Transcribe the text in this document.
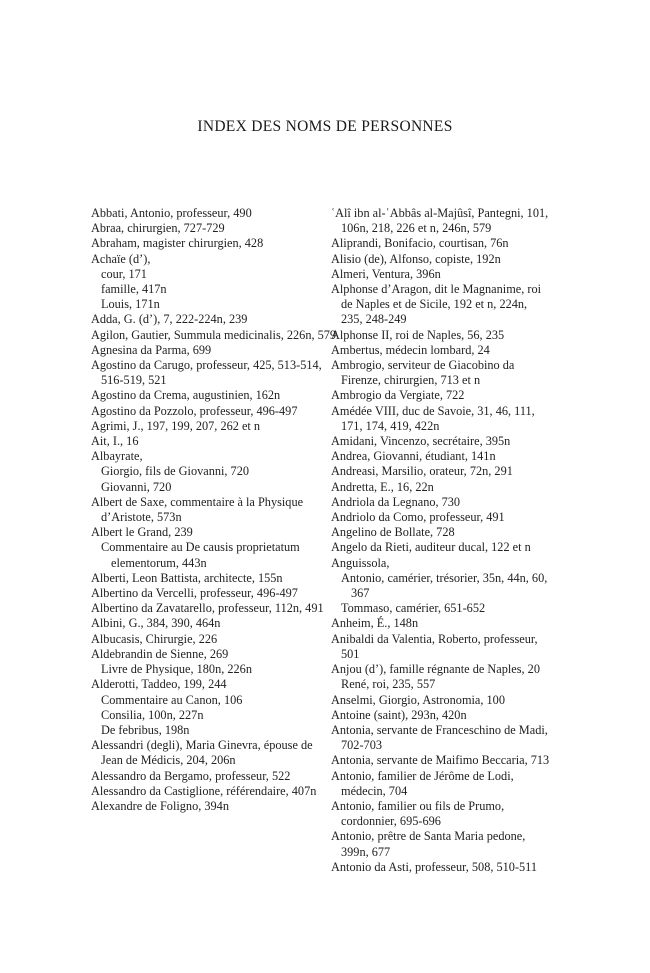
INDEX DES NOMS DE PERSONNES
Abbati, Antonio, professeur, 490
Abraa, chirurgien, 727-729
Abraham, magister chirurgien, 428
Achaïe (d’),
cour, 171
famille, 417n
Louis, 171n
Adda, G. (d’), 7, 222-224n, 239
Agilon, Gautier, Summula medicinalis, 226n, 579
Agnesina da Parma, 699
Agostino da Carugo, professeur, 425, 513-514, 516-519, 521
Agostino da Crema, augustinien, 162n
Agostino da Pozzolo, professeur, 496-497
Agrimi, J., 197, 199, 207, 262 et n
Ait, I., 16
Albayrate,
Giorgio, fils de Giovanni, 720
Giovanni, 720
Albert de Saxe, commentaire à la Physique d’Aristote, 573n
Albert le Grand, 239
Commentaire au De causis proprietatum elementorum, 443n
Alberti, Leon Battista, architecte, 155n
Albertino da Vercelli, professeur, 496-497
Albertino da Zavatarello, professeur, 112n, 491
Albini, G., 384, 390, 464n
Albucasis, Chirurgie, 226
Aldebrandin de Sienne, 269
Livre de Physique, 180n, 226n
Alderotti, Taddeo, 199, 244
Commentaire au Canon, 106
Consilia, 100n, 227n
De febribus, 198n
Alessandri (degli), Maria Ginevra, épouse de Jean de Médicis, 204, 206n
Alessandro da Bergamo, professeur, 522
Alessandro da Castiglione, référendaire, 407n
Alexandre de Foligno, 394n
ʿAlî ibn al-ʿAbbâs al-Majûsî, Pantegni, 101, 106n, 218, 226 et n, 246n, 579
Aliprandi, Bonifacio, courtisan, 76n
Alisio (de), Alfonso, copiste, 192n
Almeri, Ventura, 396n
Alphonse d’Aragon, dit le Magnanime, roi de Naples et de Sicile, 192 et n, 224n, 235, 248-249
Alphonse II, roi de Naples, 56, 235
Ambertus, médecin lombard, 24
Ambrogio, serviteur de Giacobino da Firenze, chirurgien, 713 et n
Ambrogio da Vergiate, 722
Amédée VIII, duc de Savoie, 31, 46, 111, 171, 174, 419, 422n
Amidani, Vincenzo, secrétaire, 395n
Andrea, Giovanni, étudiant, 141n
Andreasi, Marsilio, orateur, 72n, 291
Andretta, E., 16, 22n
Andriola da Legnano, 730
Andriolo da Como, professeur, 491
Angelino de Bollate, 728
Angelo da Rieti, auditeur ducal, 122 et n
Anguissola,
Antonio, camérier, trésorier, 35n, 44n, 60, 367
Tommaso, camérier, 651-652
Anheim, É., 148n
Anibaldi da Valentia, Roberto, professeur, 501
Anjou (d’), famille régnante de Naples, 20
René, roi, 235, 557
Anselmi, Giorgio, Astronomia, 100
Antoine (saint), 293n, 420n
Antonia, servante de Franceschino de Madi, 702-703
Antonia, servante de Maifimo Beccaria, 713
Antonio, familier de Jérôme de Lodi, médecin, 704
Antonio, familier ou fils de Prumo, cordonnier, 695-696
Antonio, prêtre de Santa Maria pedone, 399n, 677
Antonio da Asti, professeur, 508, 510-511
